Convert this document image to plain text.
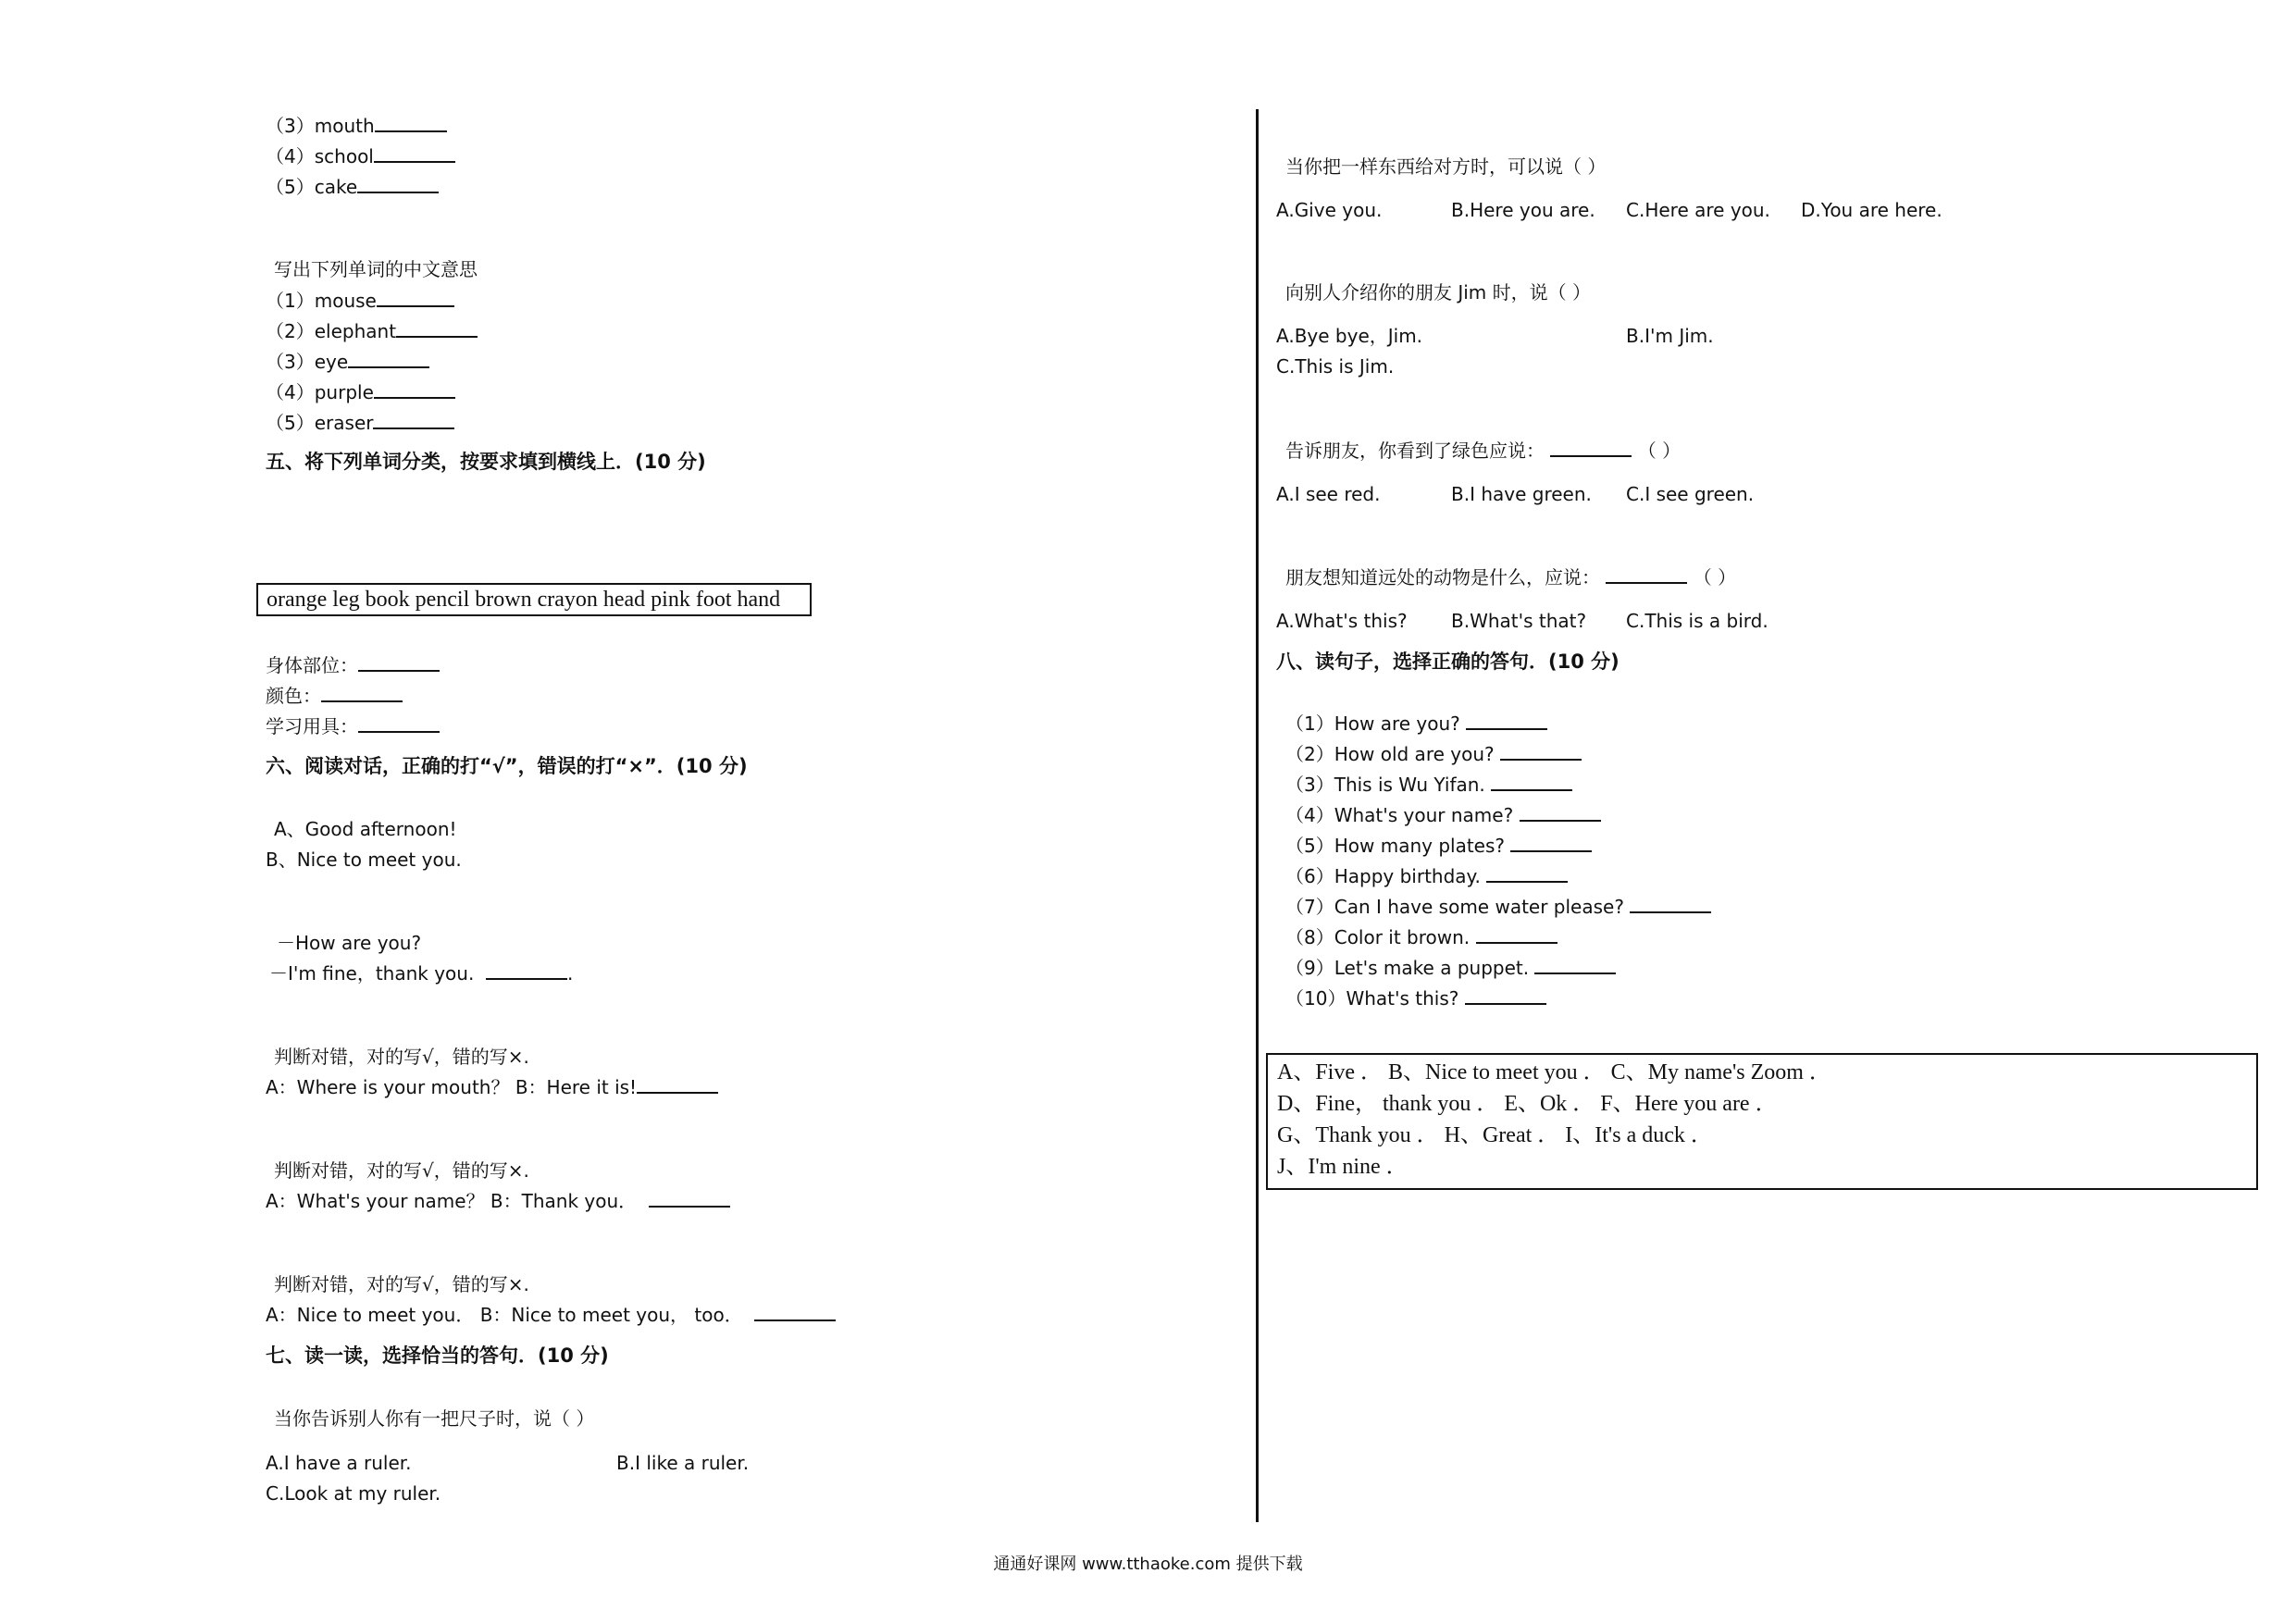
（3）mouth
（4）school
（5）cake
写出下列单词的中文意思
（1）mouse
（2）elephant
（3）eye
（4）purple
（5）eraser
五、将下列单词分类，按要求填到横线上．(10 分)
orange leg book pencil brown crayon head pink foot hand
身体部位：
颜色：
学习用具：
六、阅读对话，正确的打“√”，错误的打“×”．(10 分)
A、Good afternoon!
B、Nice to meet you.
－How are you?
－I'm fine，thank you.	.
判断对错，对的写√，错的写×.
A：Where is your mouth？ B：Here it is!
判断对错，对的写√，错的写×.
A：What's your name？ B：Thank you．
判断对错，对的写√，错的写×.
A：Nice to meet you． B：Nice to meet you， too．
七、读一读，选择恰当的答句．(10 分)
当你告诉别人你有一把尺子时，说（ ）
A.I have a ruler.	B.I like a ruler.
C.Look at my ruler.
当你把一样东西给对方时，可以说（ ）
A.Give you.	B.Here you are. C.Here are you. D.You are here.
向别人介绍你的朋友 Jim 时，说（ ）
A.Bye bye，Jim.	B.I'm Jim.
C.This is Jim.
告诉朋友，你看到了绿色应说：	（ ）
A.I see red.	B.I have green. C.I see green.
朋友想知道远处的动物是什么，应说：	（ ）
A.What's this? B.What's that? C.This is a bird.
八、读句子，选择正确的答句．(10 分)
（1）How are you?
（2）How old are you?
（3）This is Wu Yifan.
（4）What's your name?
（5）How many plates?
（6）Happy birthday.
（7）Can I have some water please?
（8）Color it brown.
（9）Let's make a puppet.
（10）What's this?
A、Five ． B、Nice to meet you ． C、My name's Zoom ．
D、Fine， thank you ． E、Ok ． F、Here you are ．
G、Thank you ． H、Great ． I、It's a duck ．
J、I'm nine ．
通通好课网 www.tthaoke.com 提供下载
